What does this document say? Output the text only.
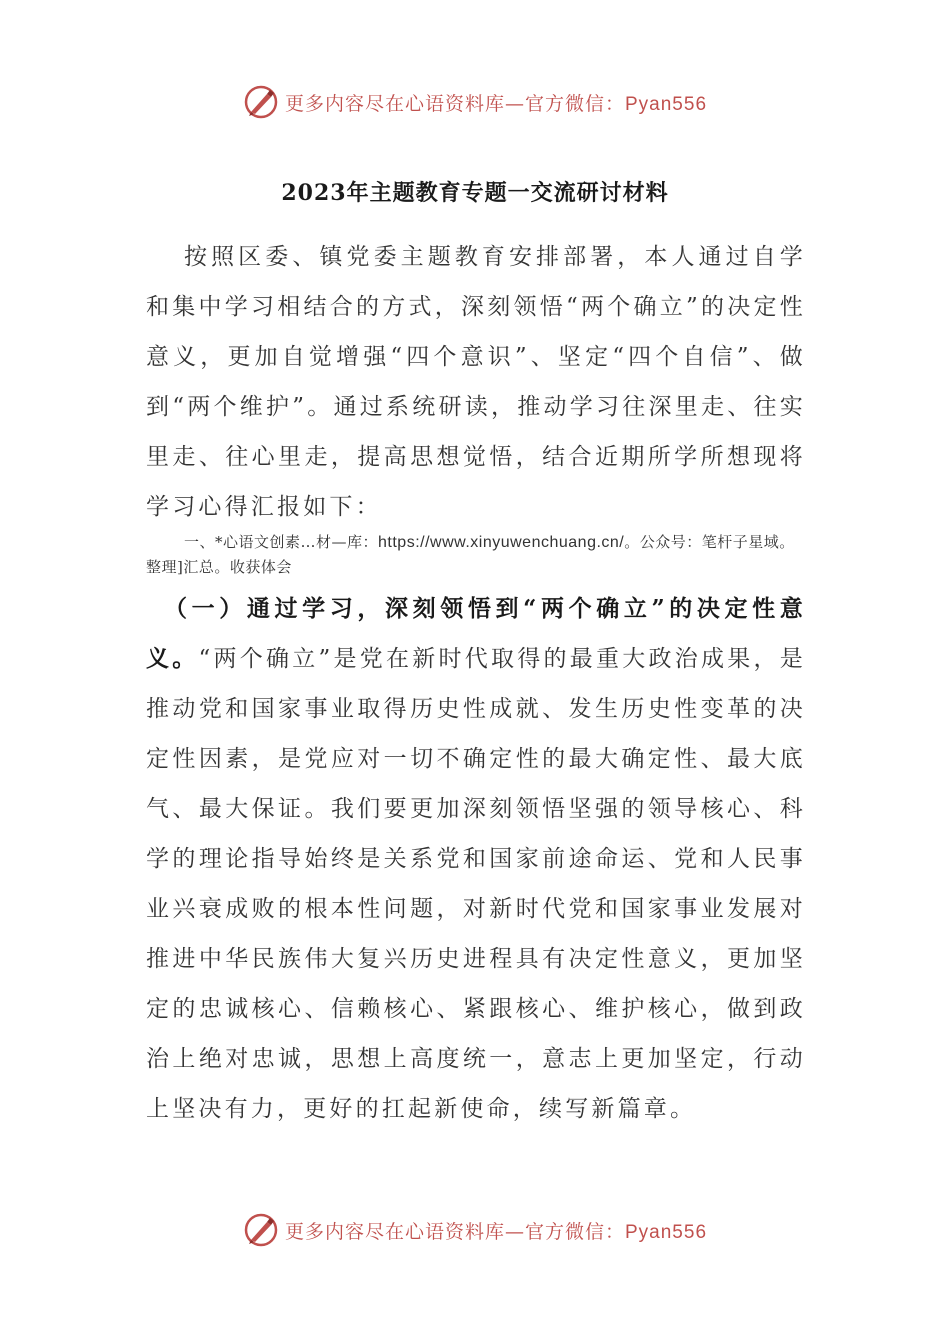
更多内容尽在心语资料库—官方微信：Pyan556
2023年主题教育专题一交流研讨材料

按照区委、镇党委主题教育安排部署，本人通过自学和集中学习相结合的方式，深刻领悟“两个确立”的决定性意义，更加自觉增强“四个意识”、坚定“四个自信”、做到“两个维护”。通过系统研读，推动学习往深里走、往实里走、往心里走，提高思想觉悟，结合近期所学所想现将学习心得汇报如下：

一、*心语文创素…材—库：https://www.xinyuwenchuang.cn/。公众号：笔杆子星域。整理]汇总。收获体会

（一）通过学习，深刻领悟到“两个确立”的决定性意义。“两个确立”是党在新时代取得的最重大政治成果，是推动党和国家事业取得历史性成就、发生历史性变革的决定性因素，是党应对一切不确定性的最大确定性、最大底气、最大保证。我们要更加深刻领悟坚强的领导核心、科学的理论指导始终是关系党和国家前途命运、党和人民事业兴衰成败的根本性问题，对新时代党和国家事业发展对推进中华民族伟大复兴历史进程具有决定性意义，更加坚定的忠诚核心、信赖核心、紧跟核心、维护核心，做到政治上绝对忠诚，思想上高度统一，意志上更加坚定，行动上坚决有力，更好的扛起新使命，续写新篇章。

更多内容尽在心语资料库—官方微信：Pyan556
